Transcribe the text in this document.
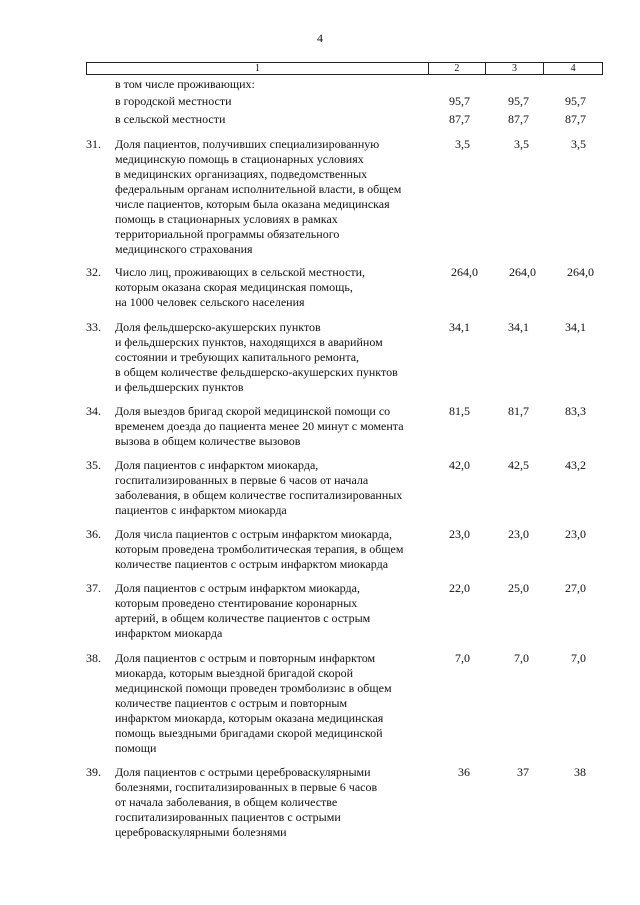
4
1	2	3	4
в том числе проживающих:
в городской местности	95,7	95,7	95,7
в сельской местности	87,7	87,7	87,7
31.	Доля пациентов, получивших специализированную
медицинскую помощь в стационарных условиях
в медицинских организациях, подведомственных
федеральным органам исполнительной власти, в общем
числе пациентов, которым была оказана медицинская
помощь в стационарных условиях в рамках
территориальной программы обязательного
медицинского страхования
3,5	3,5	3,5
32.	Число лиц, проживающих в сельской местности,
которым оказана скорая медицинская помощь,
на 1000 человек сельского населения
264,0	264,0	264,0
33.	Доля фельдшерско-акушерских пунктов
и фельдшерских пунктов, находящихся в аварийном
состоянии и требующих капитального ремонта,
в общем количестве фельдшерско-акушерских пунктов
и фельдшерских пунктов
34,1	34,1	34,1
34.	Доля выездов бригад скорой медицинской помощи со
временем доезда до пациента менее 20 минут с момента
вызова в общем количестве вызовов
81,5	81,7	83,3
35.	Доля пациентов с инфарктом миокарда,
госпитализированных в первые 6 часов от начала
заболевания, в общем количестве госпитализированных
пациентов с инфарктом миокарда
42,0	42,5	43,2
36.	Доля числа пациентов с острым инфарктом миокарда,
которым проведена тромболитическая терапия, в общем
количестве пациентов с острым инфарктом миокарда
23,0	23,0	23,0
37.	Доля пациентов с острым инфарктом миокарда,
которым проведено стентирование коронарных
артерий, в общем количестве пациентов с острым
инфарктом миокарда
22,0	25,0	27,0
38.	Доля пациентов с острым и повторным инфарктом
миокарда, которым выездной бригадой скорой
медицинской помощи проведен тромболизис в общем
количестве пациентов с острым и повторным
инфарктом миокарда, которым оказана медицинская
помощь выездными бригадами скорой медицинской
помощи
7,0	7,0	7,0
39.	Доля пациентов с острыми цереброваскулярными
болезнями, госпитализированных в первые 6 часов
от начала заболевания, в общем количестве
госпитализированных пациентов с острыми
цереброваскулярными болезнями
36	37	38
